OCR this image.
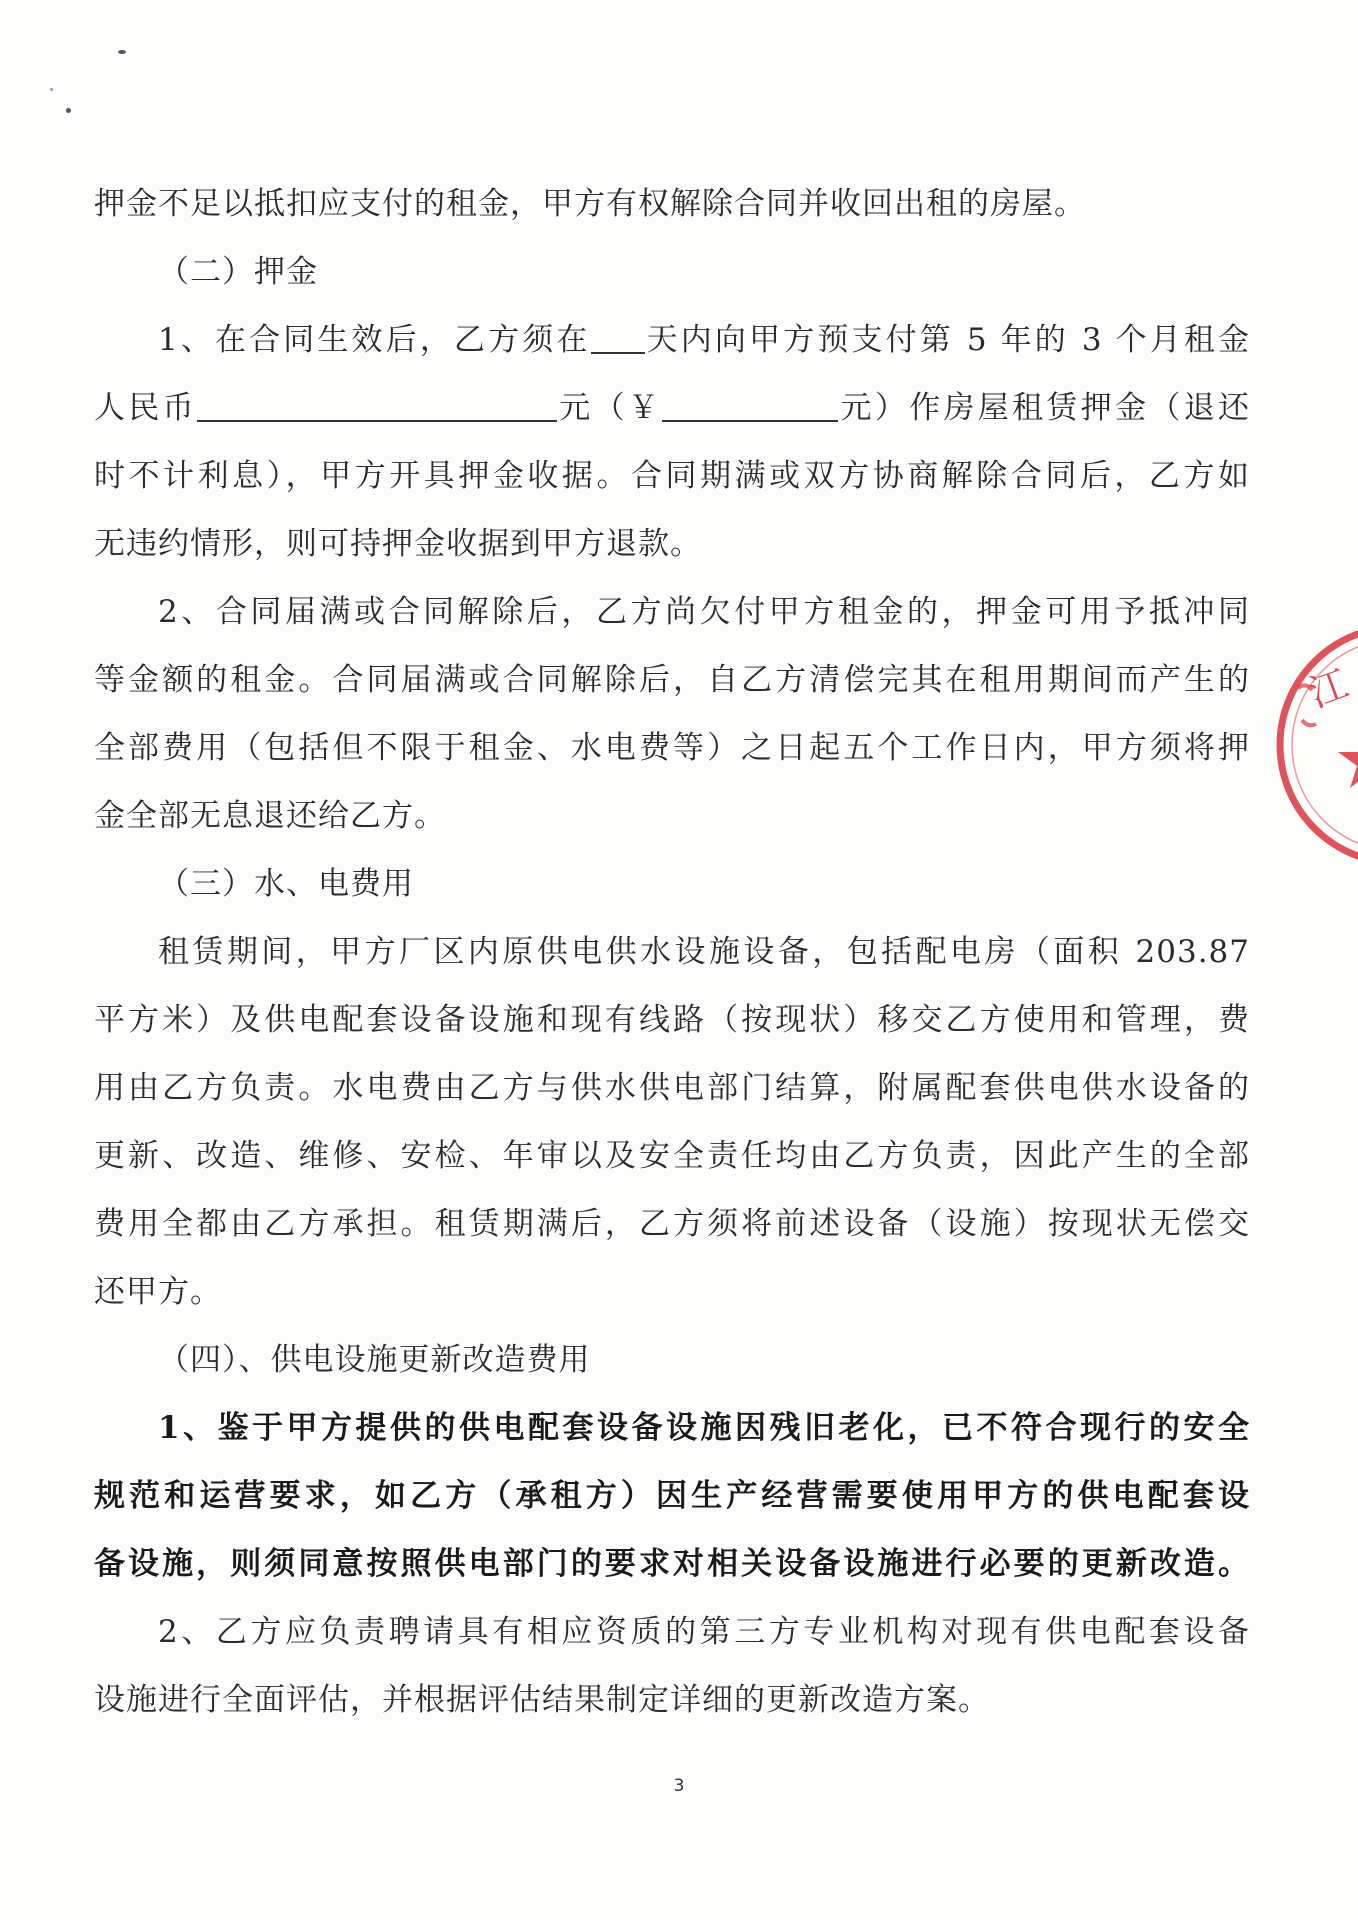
押金不足以抵扣应支付的租金，甲方有权解除合同并收回出租的房屋。
（二）押金
1、在合同生效后，乙方须在 天内向甲方预支付第 5 年的 3 个月租金
人民币	元（￥	元）作房屋租赁押金（退还
时不计利息），甲方开具押金收据。合同期满或双方协商解除合同后，乙方如
无违约情形，则可持押金收据到甲方退款。
2、合同届满或合同解除后，乙方尚欠付甲方租金的，押金可用予抵冲同
等金额的租金。合同届满或合同解除后，自乙方清偿完其在租用期间而产生的
全部费用（包括但不限于租金、水电费等）之日起五个工作日内，甲方须将押
金全部无息退还给乙方。
（三）水、电费用
租赁期间，甲方厂区内原供电供水设施设备，包括配电房（面积 203.87
平方米）及供电配套设备设施和现有线路（按现状）移交乙方使用和管理，费
用由乙方负责。水电费由乙方与供水供电部门结算，附属配套供电供水设备的
更新、改造、维修、安检、年审以及安全责任均由乙方负责，因此产生的全部
费用全都由乙方承担。租赁期满后，乙方须将前述设备（设施）按现状无偿交
还甲方。
（四）、供电设施更新改造费用
1、鉴于甲方提供的供电配套设备设施因残旧老化，已不符合现行的安全
规范和运营要求，如乙方（承租方）因生产经营需要使用甲方的供电配套设
备设施，则须同意按照供电部门的要求对相关设备设施进行必要的更新改造。
2、乙方应负责聘请具有相应资质的第三方专业机构对现有供电配套设备
设施进行全面评估，并根据评估结果制定详细的更新改造方案。
3
江
